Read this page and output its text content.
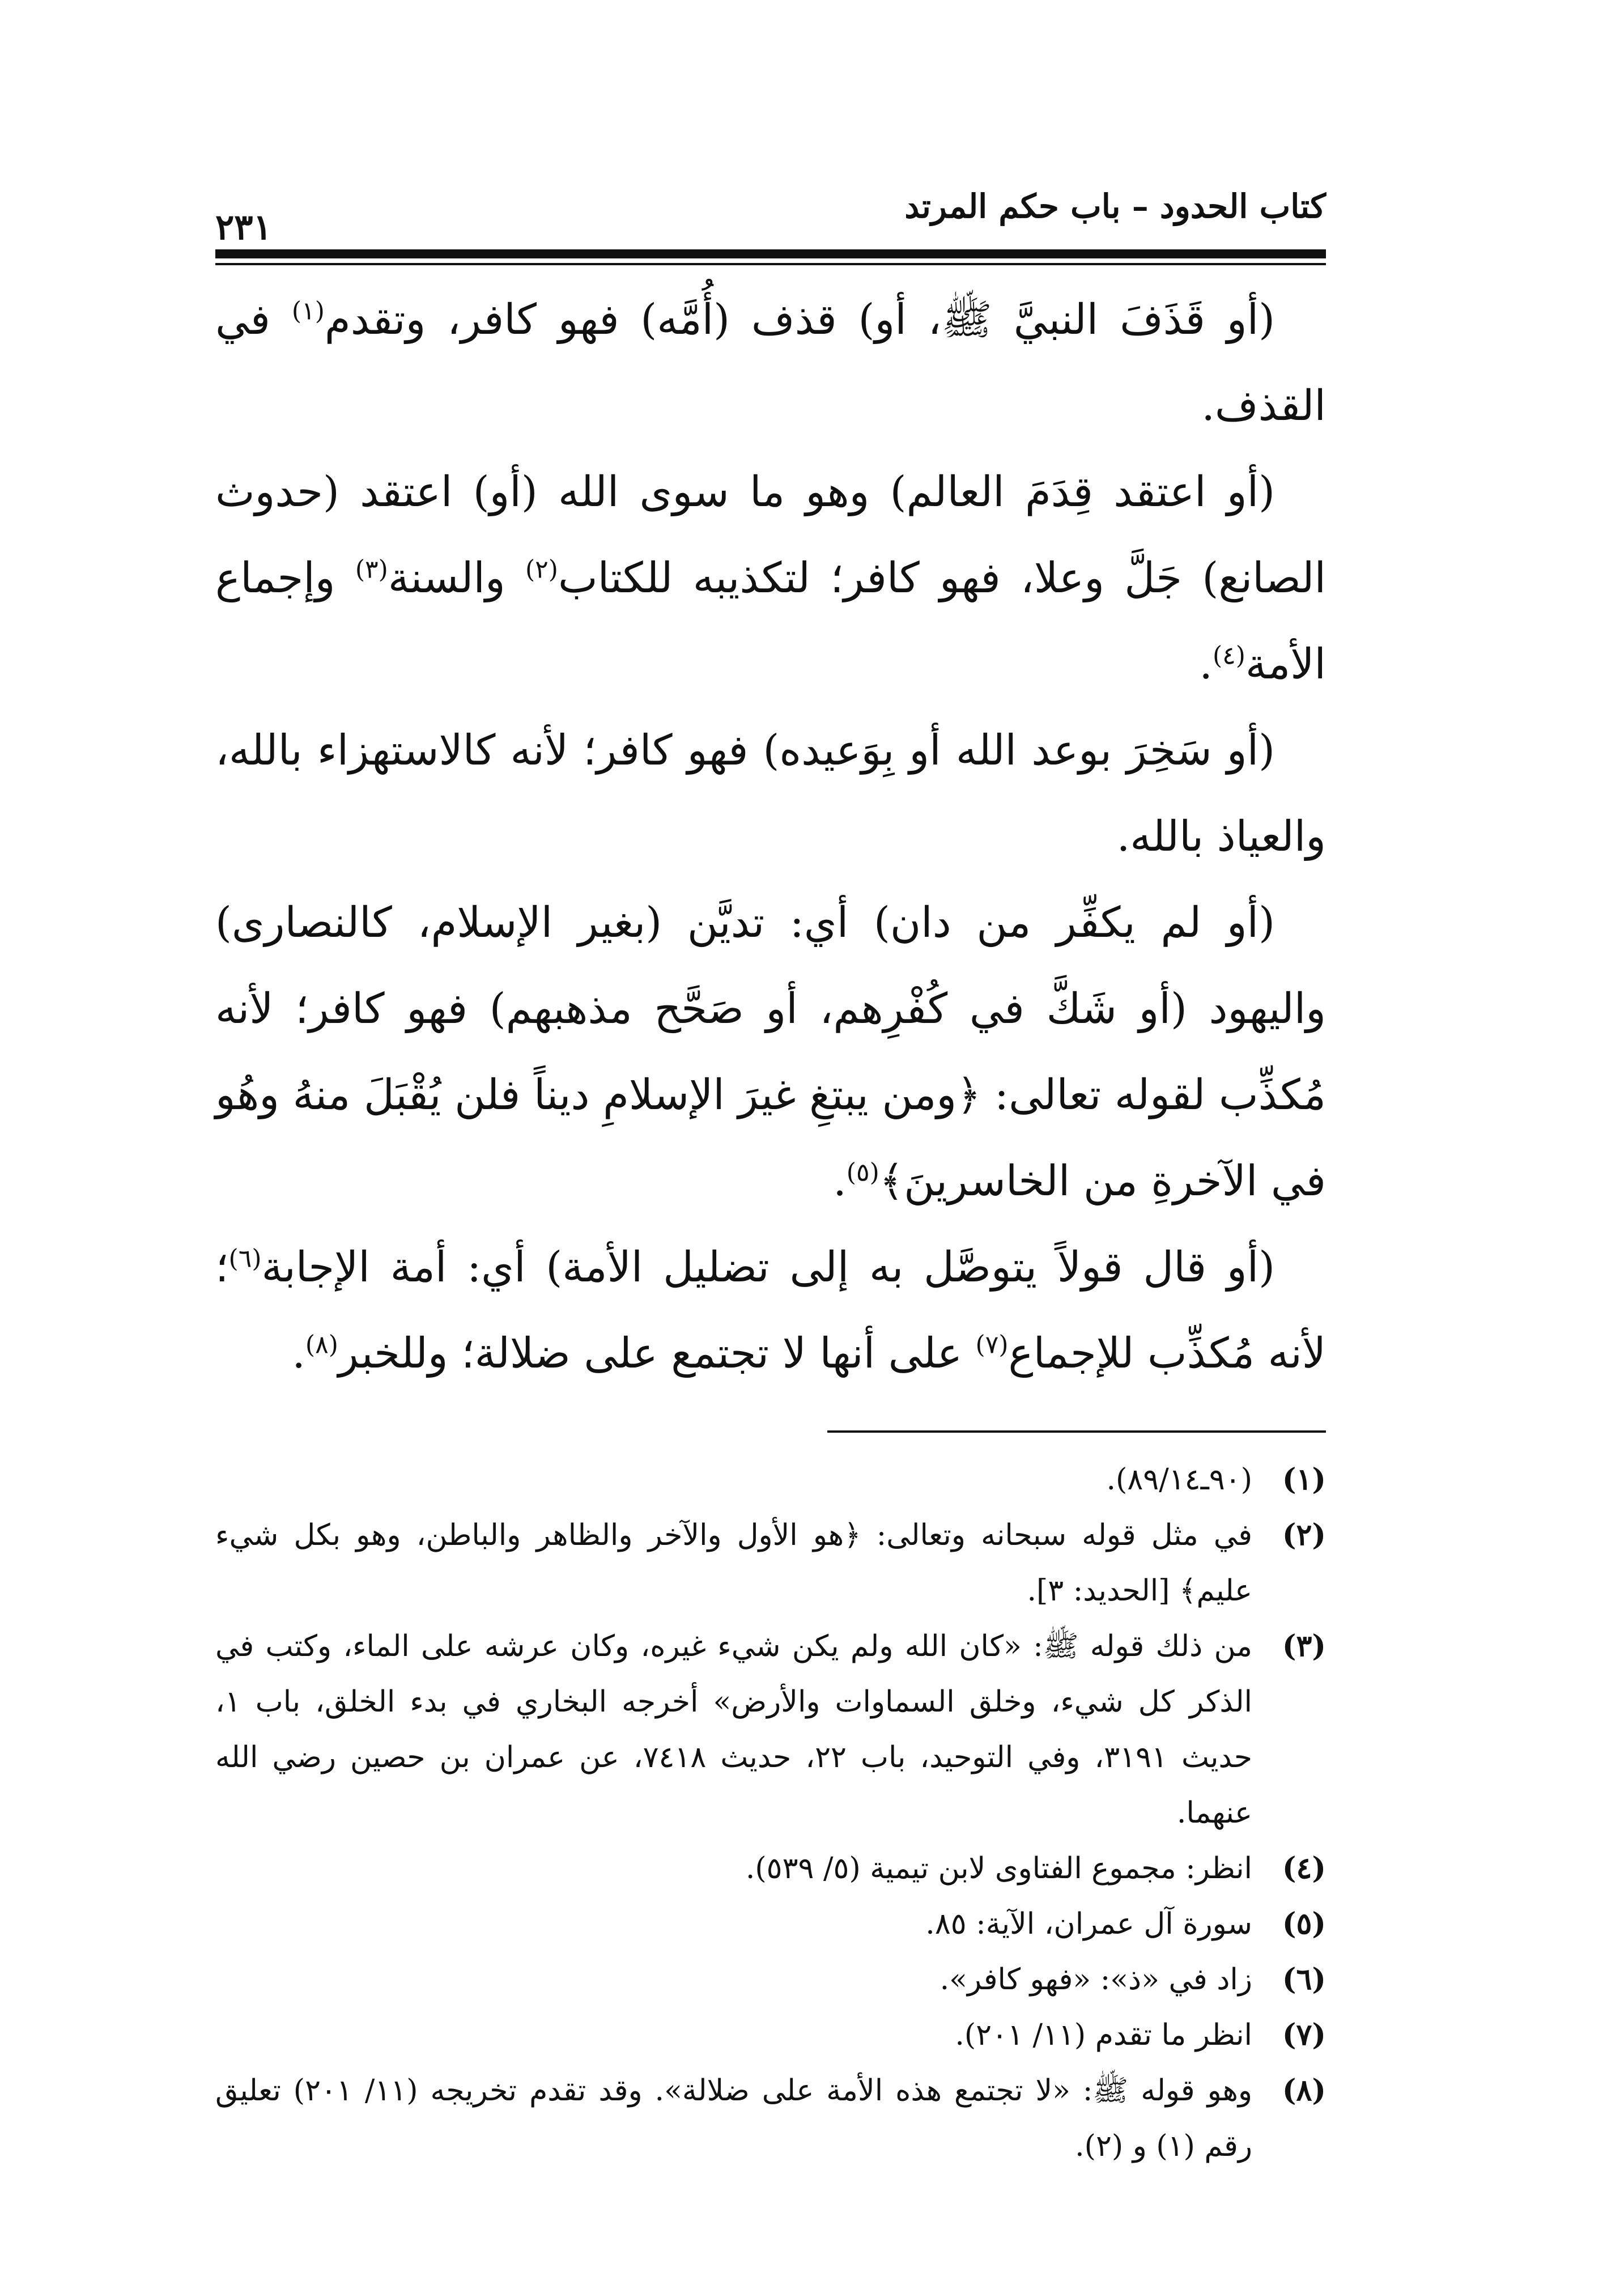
كتاب الحدود – باب حكم المرتد
٢٣١

(أو قَذَفَ النبيَّ ﷺ، أو) قذف (أُمَّه) فهو كافر، وتقدم$^{(١)}$ في القذف.

(أو اعتقد قِدَمَ العالم) وهو ما سوى الله (أو) اعتقد (حدوث الصانع) جَلَّ وعلا، فهو كافر؛ لتكذيبه للكتاب$^{(٢)}$ والسنة$^{(٣)}$ وإجماع الأمة$^{(٤)}$.

(أو سَخِرَ بوعد الله أو بِوَعيده) فهو كافر؛ لأنه كالاستهزاء بالله، والعياذ بالله.

(أو لم يكفِّر من دان) أي: تديَّن (بغير الإسلام، كالنصارى) واليهود (أو شَكَّ في كُفْرِهم، أو صَحَّح مذهبهم) فهو كافر؛ لأنه مُكذِّب لقوله تعالى: ﴿ومن يبتغِ غيرَ الإسلامِ ديناً فلن يُقْبَلَ منهُ وهُو في الآخرةِ من الخاسرينَ﴾$^{(٥)}$.

(أو قال قولاً يتوصَّل به إلى تضليل الأمة) أي: أمة الإجابة$^{(٦)}$؛ لأنه مُكذِّب للإجماع$^{(٧)}$ على أنها لا تجتمع على ضلالة؛ وللخبر$^{(٨)}$.

(١)
(٩٠ـ٨٩/١٤).

(٢)
في مثل قوله سبحانه وتعالى: ﴿هو الأول والآخر والظاهر والباطن، وهو بكل شيء عليم﴾ [الحديد: ٣].

(٣)
من ذلك قوله ﷺ: «كان الله ولم يكن شيء غيره، وكان عرشه على الماء، وكتب في الذكر كل شيء، وخلق السماوات والأرض» أخرجه البخاري في بدء الخلق، باب ١، حديث ٣١٩١، وفي التوحيد، باب ٢٢، حديث ٧٤١٨، عن عمران بن حصين رضي الله عنهما.

(٤)
انظر: مجموع الفتاوى لابن تيمية (٥/ ٥٣٩).

(٥)
سورة آل عمران، الآية: ٨٥.

(٦)
زاد في «ذ»: «فهو كافر».

(٧)
انظر ما تقدم (١١/ ٢٠١).

(٨)
وهو قوله ﷺ: «لا تجتمع هذه الأمة على ضلالة». وقد تقدم تخريجه (١١/ ٢٠١) تعليق رقم (١) و (٢).
